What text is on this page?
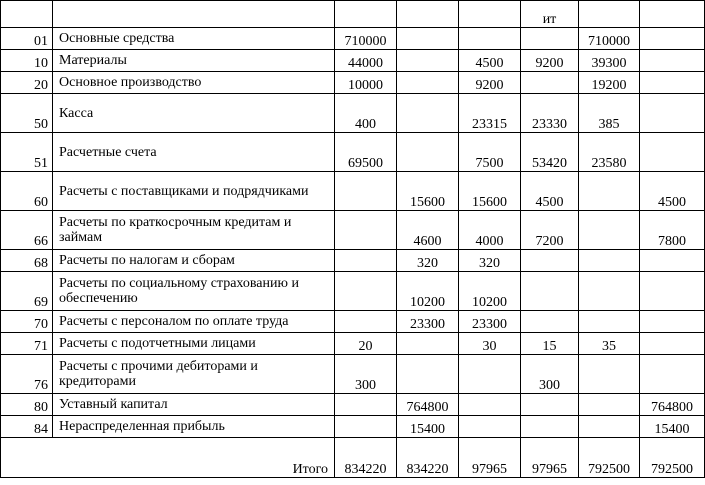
					ит		
01	Основные средства	710000				710000	
10	Материалы	44000		4500	9200	39300	
20	Основное производство	10000		9200		19200	
50	Касса	400		23315	23330	385	
51	Расчетные счета	69500		7500	53420	23580	
60	Расчеты с поставщиками и подрядчиками		15600	15600	4500		4500
66	Расчеты по краткосрочным кредитам и займам		4600	4000	7200		7800
68	Расчеты по налогам и сборам		320	320			
69	Расчеты по социальному страхованию и обеспечению		10200	10200			
70	Расчеты с персоналом по оплате труда		23300	23300			
71	Расчеты с подотчетными лицами	20		30	15	35	
76	Расчеты с прочими дебиторами и кредиторами	300			300		
80	Уставный капитал		764800				764800
84	Нераспределенная прибыль		15400				15400
Итого		834220	834220	97965	97965	792500	792500
